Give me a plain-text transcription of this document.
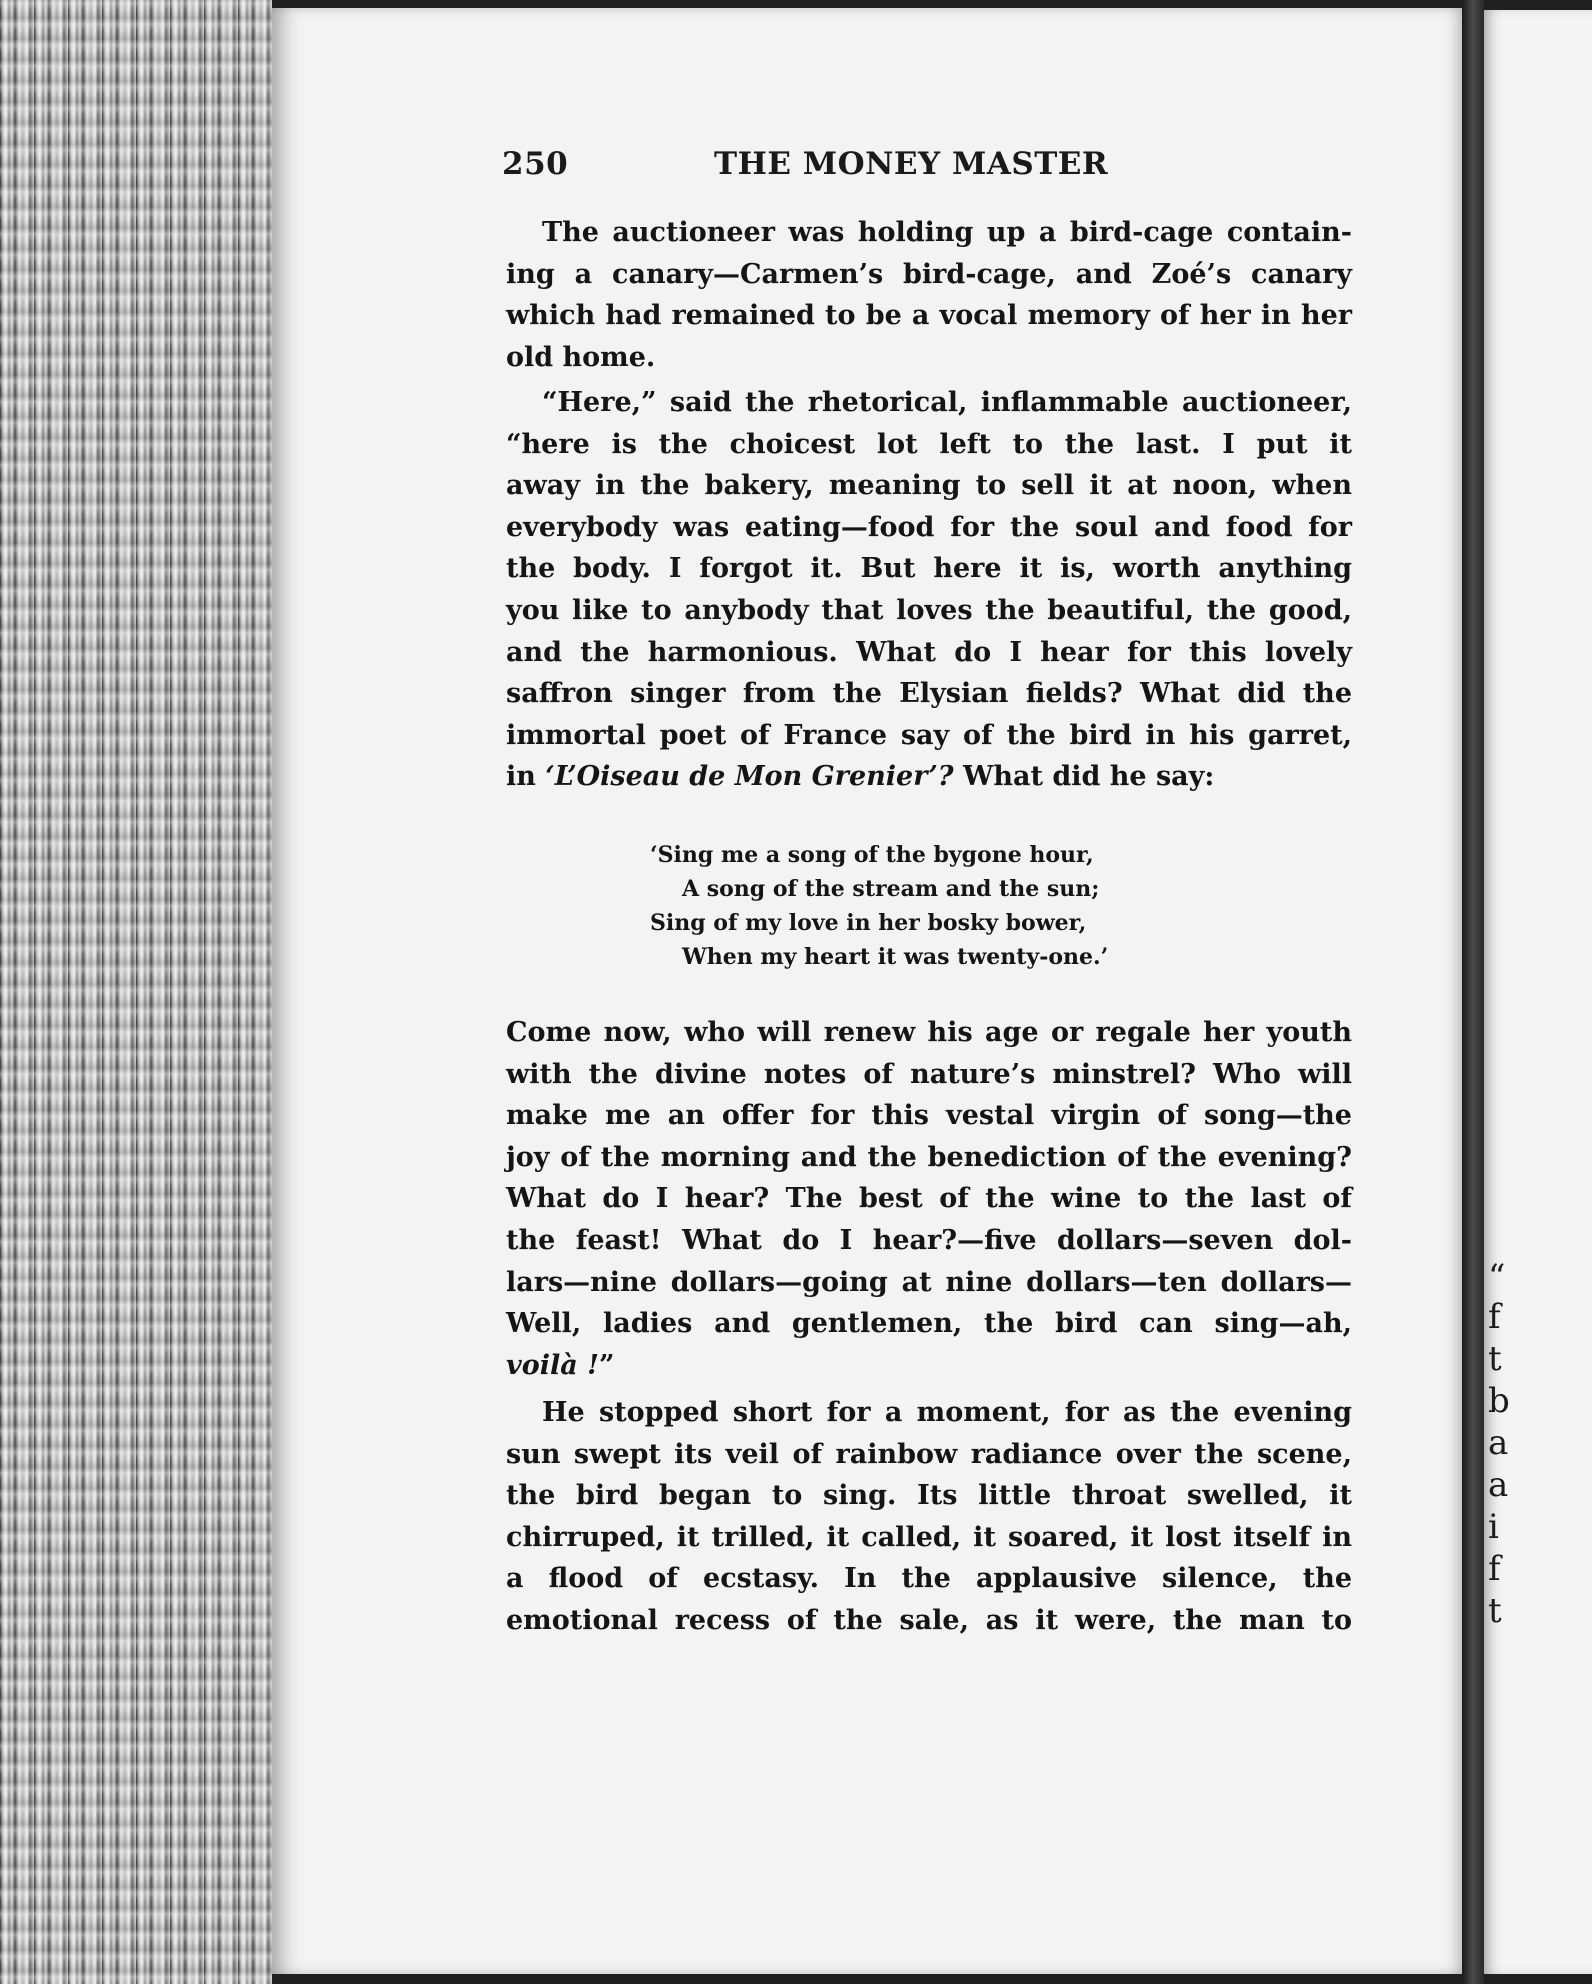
“
f
t
b
a
a
i
f
t
250	THE MONEY MASTER
The auctioneer was holding up a bird-cage contain-
ing a canary—Carmen’s bird-cage, and Zoé’s canary
which had remained to be a vocal memory of her in her
old home.
“Here,” said the rhetorical, inflammable auctioneer,
“here is the choicest lot left to the last. I put it
away in the bakery, meaning to sell it at noon, when
everybody was eating—food for the soul and food for
the body. I forgot it. But here it is, worth anything
you like to anybody that loves the beautiful, the good,
and the harmonious. What do I hear for this lovely
saffron singer from the Elysian fields? What did the
immortal poet of France say of the bird in his garret,
in ‘L’Oiseau de Mon Grenier’? What did he say:
‘Sing me a song of the bygone hour,
A song of the stream and the sun;
Sing of my love in her bosky bower,
When my heart it was twenty-one.’
Come now, who will renew his age or regale her youth
with the divine notes of nature’s minstrel? Who will
make me an offer for this vestal virgin of song—the
joy of the morning and the benediction of the evening?
What do I hear? The best of the wine to the last of
the feast! What do I hear?—five dollars—seven dol-
lars—nine dollars—going at nine dollars—ten dollars—
Well, ladies and gentlemen, the bird can sing—ah,
voilà !”
He stopped short for a moment, for as the evening
sun swept its veil of rainbow radiance over the scene,
the bird began to sing. Its little throat swelled, it
chirruped, it trilled, it called, it soared, it lost itself in
a flood of ecstasy. In the applausive silence, the
emotional recess of the sale, as it were, the man to
